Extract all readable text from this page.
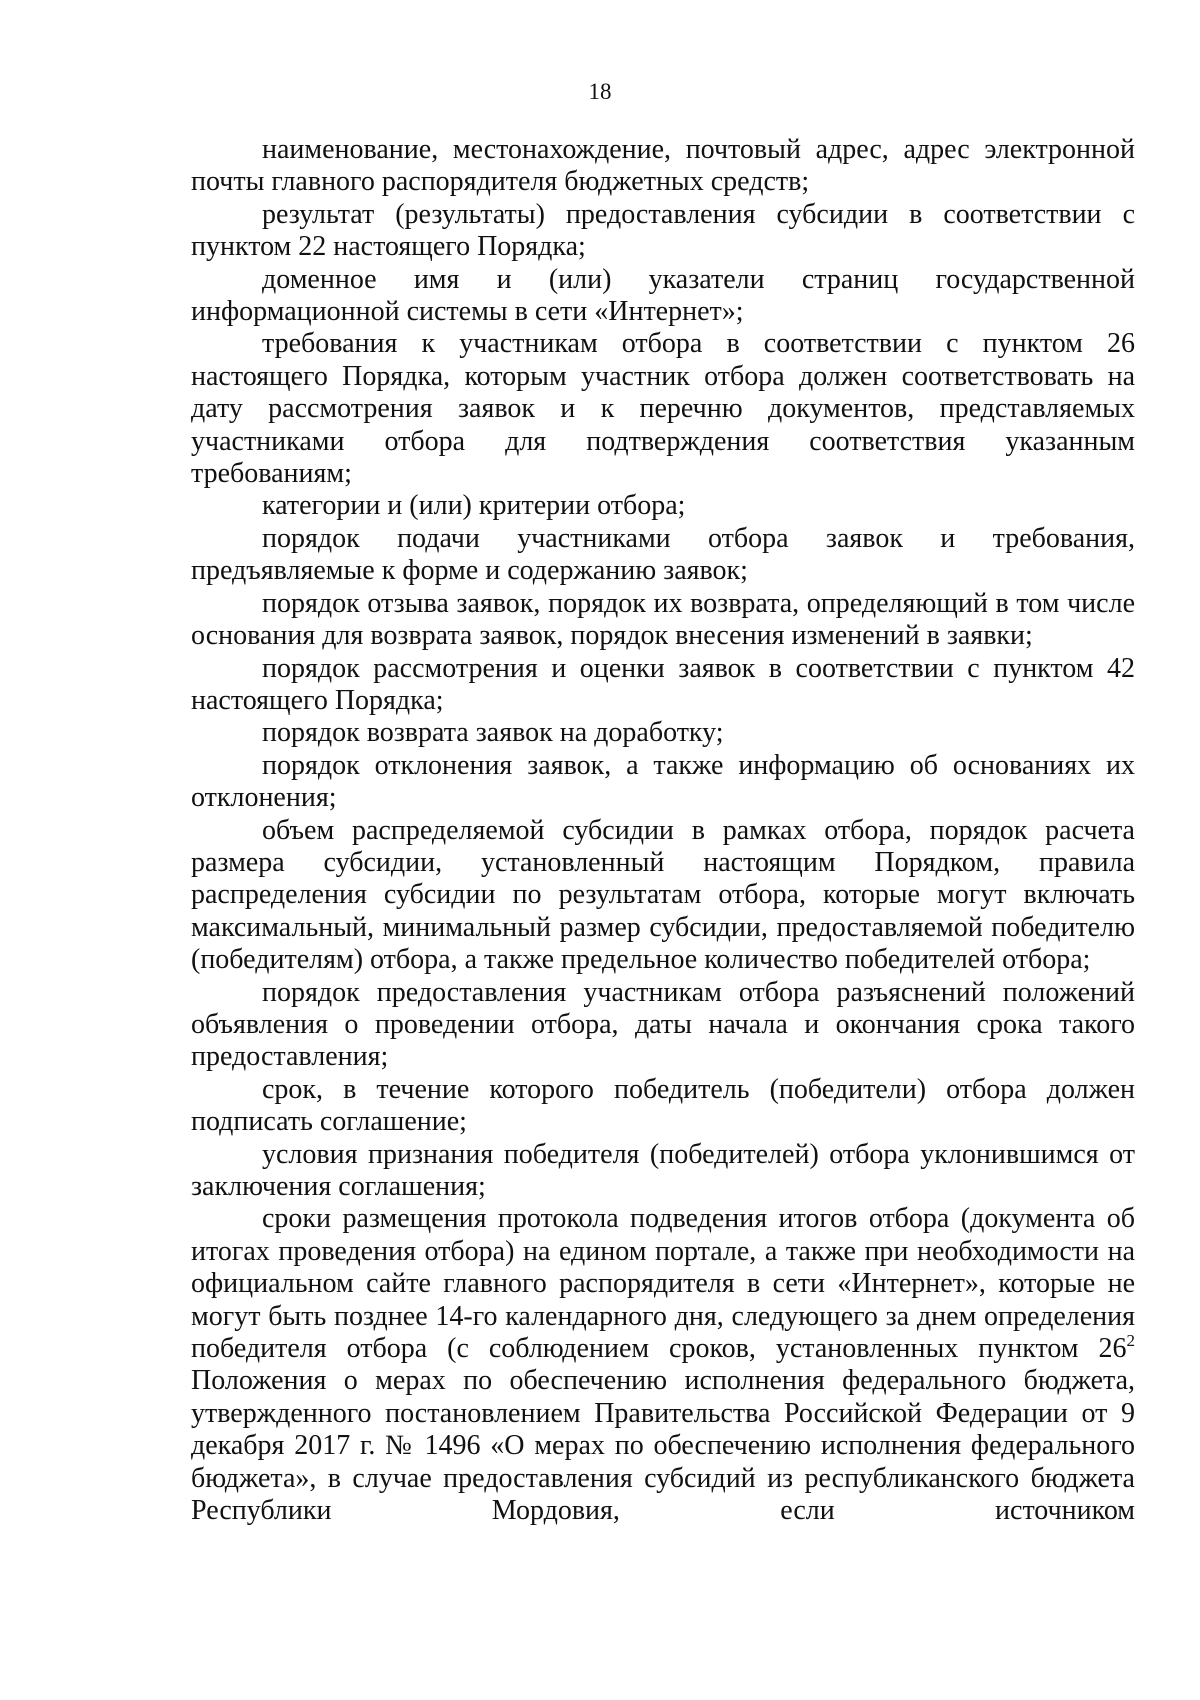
18

наименование, местонахождение, почтовый адрес, адрес электронной почты главного распорядителя бюджетных средств;

результат (результаты) предоставления субсидии в соответствии с пунктом 22 настоящего Порядка;

доменное имя и (или) указатели страниц государственной информационной системы в сети «Интернет»;

требования к участникам отбора в соответствии с пунктом 26 настоящего Порядка, которым участник отбора должен соответствовать на дату рассмотрения заявок и к перечню документов, представляемых участниками отбора для подтверждения соответствия указанным требованиям;

категории и (или) критерии отбора;

порядок подачи участниками отбора заявок и требования, предъявляемые к форме и содержанию заявок;

порядок отзыва заявок, порядок их возврата, определяющий в том числе основания для возврата заявок, порядок внесения изменений в заявки;

порядок рассмотрения и оценки заявок в соответствии с пунктом 42 настоящего Порядка;

порядок возврата заявок на доработку;

порядок отклонения заявок, а также информацию об основаниях их отклонения;

объем распределяемой субсидии в рамках отбора, порядок расчета размера субсидии, установленный настоящим Порядком, правила распределения субсидии по результатам отбора, которые могут включать максимальный, минимальный размер субсидии, предоставляемой победителю (победителям) отбора, а также предельное количество победителей отбора;

порядок предоставления участникам отбора разъяснений положений объявления о проведении отбора, даты начала и окончания срока такого предоставления;

срок, в течение которого победитель (победители) отбора должен подписать соглашение;

условия признания победителя (победителей) отбора уклонившимся от заключения соглашения;

сроки размещения протокола подведения итогов отбора (документа об итогах проведения отбора) на едином портале, а также при необходимости на официальном сайте главного распорядителя в сети «Интернет», которые не могут быть позднее 14-го календарного дня, следующего за днем определения победителя отбора (с соблюдением сроков, установленных пунктом $26^2$ Положения о мерах по обеспечению исполнения федерального бюджета, утвержденного постановлением Правительства Российской Федерации от 9 декабря 2017 г. № 1496 «О мерах по обеспечению исполнения федерального бюджета», в случае предоставления субсидий из республиканского бюджета Республики Мордовия, если источником
